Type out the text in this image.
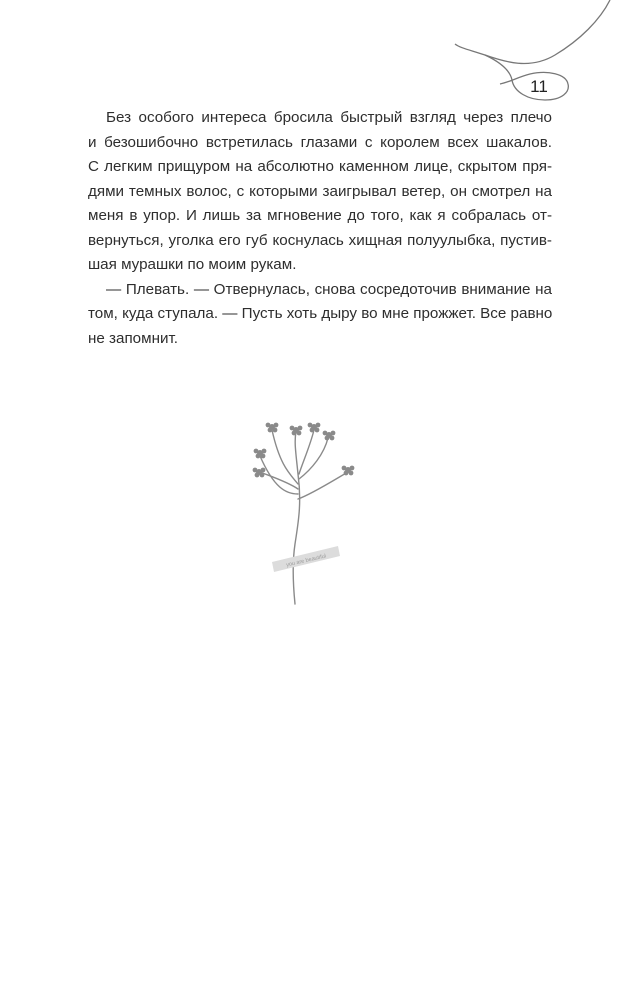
11

Без особого интереса бросила быстрый взгляд через плечо
и безошибочно встретилась глазами с королем всех шакалов.
С легким прищуром на абсолютно каменном лице, скрытом пря-
дями темных волос, с которыми заигрывал ветер, он смотрел на
меня в упор. И лишь за мгновение до того, как я собралась от-
вернуться, уголка его губ коснулась хищная полуулыбка, пустив-
шая мурашки по моим рукам.

— Плевать. — Отвернулась, снова сосредоточив внимание на
том, куда ступала. — Пусть хоть дыру во мне прожжет. Все равно
не запомнит.

you are beautiful
